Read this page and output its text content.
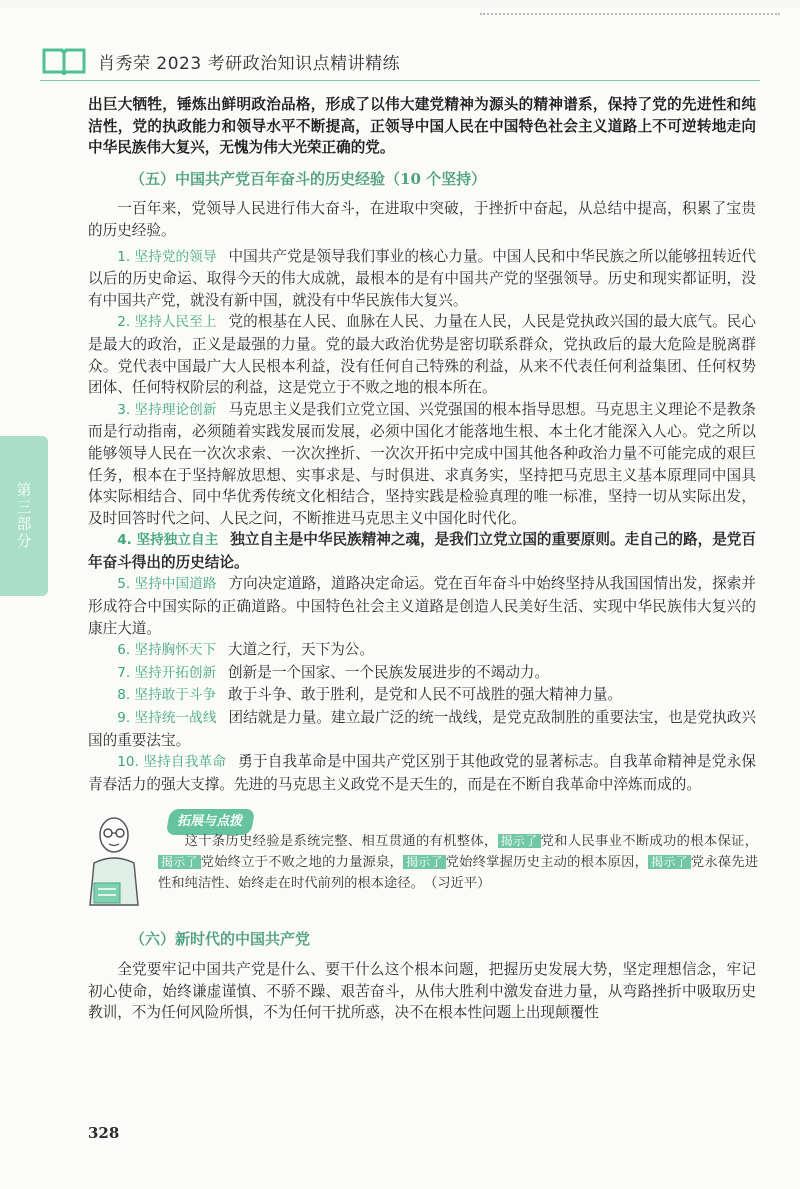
肖秀荣 2023 考研政治知识点精讲精练
第三部分

出巨大牺牲，锤炼出鲜明政治品格，形成了以伟大建党精神为源头的精神谱系，保持了党的先进性和纯洁性，党的执政能力和领导水平不断提高，正领导中国人民在中国特色社会主义道路上不可逆转地走向中华民族伟大复兴，无愧为伟大光荣正确的党。

（五）中国共产党百年奋斗的历史经验（10 个坚持）

一百年来，党领导人民进行伟大奋斗，在进取中突破，于挫折中奋起，从总结中提高，积累了宝贵的历史经验。

1. 坚持党的领导 中国共产党是领导我们事业的核心力量。中国人民和中华民族之所以能够扭转近代以后的历史命运、取得今天的伟大成就，最根本的是有中国共产党的坚强领导。历史和现实都证明，没有中国共产党，就没有新中国，就没有中华民族伟大复兴。

2. 坚持人民至上 党的根基在人民、血脉在人民、力量在人民，人民是党执政兴国的最大底气。民心是最大的政治，正义是最强的力量。党的最大政治优势是密切联系群众，党执政后的最大危险是脱离群众。党代表中国最广大人民根本利益，没有任何自己特殊的利益，从来不代表任何利益集团、任何权势团体、任何特权阶层的利益，这是党立于不败之地的根本所在。

3. 坚持理论创新 马克思主义是我们立党立国、兴党强国的根本指导思想。马克思主义理论不是教条而是行动指南，必须随着实践发展而发展，必须中国化才能落地生根、本土化才能深入人心。党之所以能够领导人民在一次次求索、一次次挫折、一次次开拓中完成中国其他各种政治力量不可能完成的艰巨任务，根本在于坚持解放思想、实事求是、与时俱进、求真务实，坚持把马克思主义基本原理同中国具体实际相结合、同中华优秀传统文化相结合，坚持实践是检验真理的唯一标准，坚持一切从实际出发，及时回答时代之问、人民之问，不断推进马克思主义中国化时代化。

4. 坚持独立自主 独立自主是中华民族精神之魂，是我们立党立国的重要原则。走自己的路，是党百年奋斗得出的历史结论。

5. 坚持中国道路 方向决定道路，道路决定命运。党在百年奋斗中始终坚持从我国国情出发，探索并形成符合中国实际的正确道路。中国特色社会主义道路是创造人民美好生活、实现中华民族伟大复兴的康庄大道。

6. 坚持胸怀天下 大道之行，天下为公。

7. 坚持开拓创新 创新是一个国家、一个民族发展进步的不竭动力。

8. 坚持敢于斗争 敢于斗争、敢于胜利，是党和人民不可战胜的强大精神力量。

9. 坚持统一战线 团结就是力量。建立最广泛的统一战线，是党克敌制胜的重要法宝，也是党执政兴国的重要法宝。

10. 坚持自我革命 勇于自我革命是中国共产党区别于其他政党的显著标志。自我革命精神是党永保青春活力的强大支撑。先进的马克思主义政党不是天生的，而是在不断自我革命中淬炼而成的。

拓展与点拨
这十条历史经验是系统完整、相互贯通的有机整体， 揭示了 党和人民事业不断成功的根本保证，揭示了 党始终立于不败之地的力量源泉， 揭示了 党始终掌握历史主动的根本原因， 揭示了 党永葆先进性和纯洁性、始终走在时代前列的根本途径。　 （习近平）
（六）新时代的中国共产党

全党要牢记中国共产党是什么、要干什么这个根本问题，把握历史发展大势，坚定理想信念，牢记初心使命，始终谦虚谨慎、不骄不躁、艰苦奋斗，从伟大胜利中激发奋进力量，从弯路挫折中吸取历史教训，不为任何风险所惧，不为任何干扰所惑，决不在根本性问题上出现颠覆性

328
